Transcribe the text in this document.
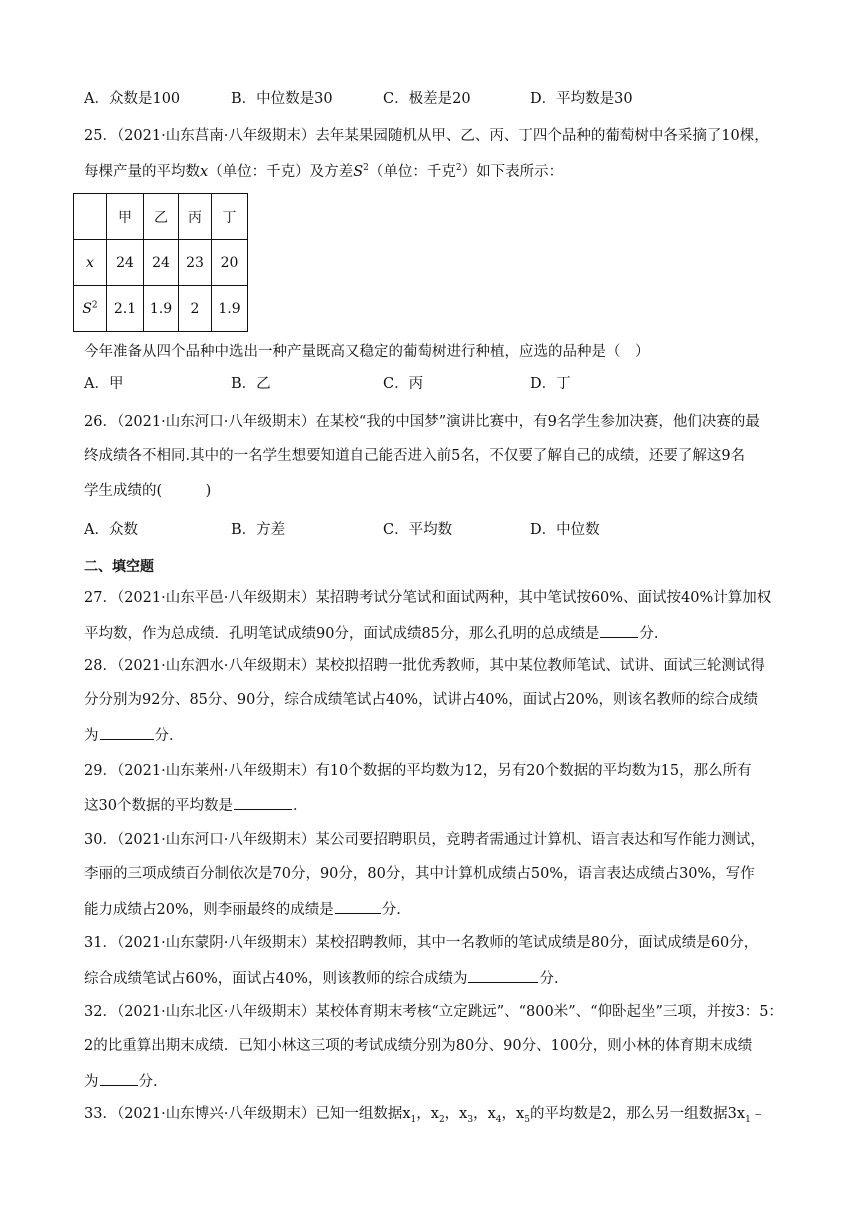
A．众数是100	B．中位数是30	C．极差是20	D．平均数是30
25．（2021·山东莒南·八年级期末）去年某果园随机从甲、乙、丙、丁四个品种的葡萄树中各采摘了10棵，
每棵产量的平均数x（单位：千克）及方差$S^2$（单位：千克$^2$）如下表所示：
	甲	乙	丙	丁
x	24	24	23	20
$S^2$	2.1	1.9	2	1.9
今年准备从四个品种中选出一种产量既高又稳定的葡萄树进行种植，应选的品种是（　）
A．甲	B．乙	C．丙	D．丁
26．（2021·山东河口·八年级期末）在某校“我的中国梦”演讲比赛中，有9名学生参加决赛，他们决赛的最
终成绩各不相同.其中的一名学生想要知道自己能否进入前5名，不仅要了解自己的成绩，还要了解这9名
学生成绩的(　　　)
A．众数	B．方差	C．平均数	D．中位数
二、填空题
27．（2021·山东平邑·八年级期末）某招聘考试分笔试和面试两种，其中笔试按60%、面试按40%计算加权
平均数，作为总成绩．孔明笔试成绩90分，面试成绩85分，那么孔明的总成绩是	分.
28．（2021·山东泗水·八年级期末）某校拟招聘一批优秀教师，其中某位教师笔试、试讲、面试三轮测试得
分分别为92分、85分、90分，综合成绩笔试占40%，试讲占40%，面试占20%，则该名教师的综合成绩
为	分．
29．（2021·山东莱州·八年级期末）有10个数据的平均数为12，另有20个数据的平均数为15，那么所有
这30个数据的平均数是	．
30．（2021·山东河口·八年级期末）某公司要招聘职员，竞聘者需通过计算机、语言表达和写作能力测试，
李丽的三项成绩百分制依次是70分，90分，80分，其中计算机成绩占50%，语言表达成绩占30%，写作
能力成绩占20%，则李丽最终的成绩是	分.
31．（2021·山东蒙阴·八年级期末）某校招聘教师，其中一名教师的笔试成绩是80分，面试成绩是60分，
综合成绩笔试占60%，面试占40%，则该教师的综合成绩为	分.
32．（2021·山东北区·八年级期末）某校体育期末考核“立定跳远”、“800米”、“仰卧起坐”三项，并按3：5：
2的比重算出期末成绩．已知小林这三项的考试成绩分别为80分、90分、100分，则小林的体育期末成绩
为	分.
33．（2021·山东博兴·八年级期末）已知一组数据$x_1$，$x_2$，$x_3$，$x_4$，$x_5$的平均数是2，那么另一组数据$3x_1﹣$
